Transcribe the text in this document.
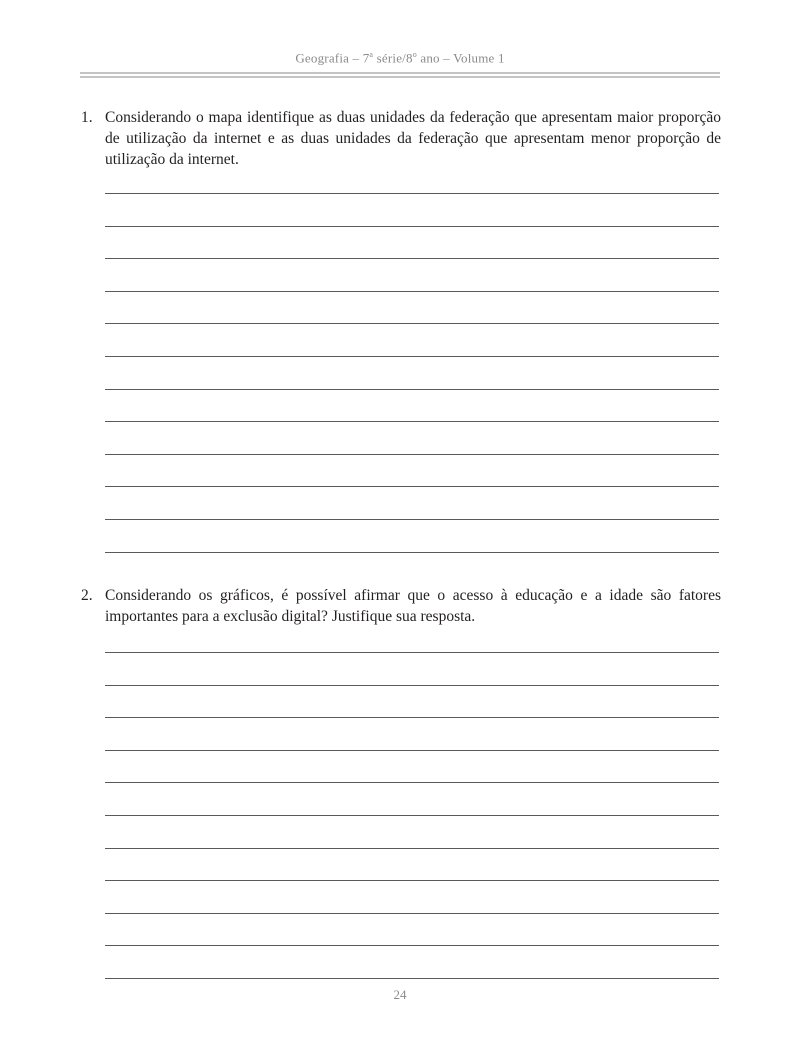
Geografia – 7$^a$ série/8$^o$ ano – Volume 1
1. Considerando o mapa identifique as duas unidades da federação que apresentam maior proporção de utilização da internet e as duas unidades da federação que apresentam menor proporção de utilização da internet.
2. Considerando os gráficos, é possível afirmar que o acesso à educação e a idade são fatores importantes para a exclusão digital? Justifique sua resposta.
24
